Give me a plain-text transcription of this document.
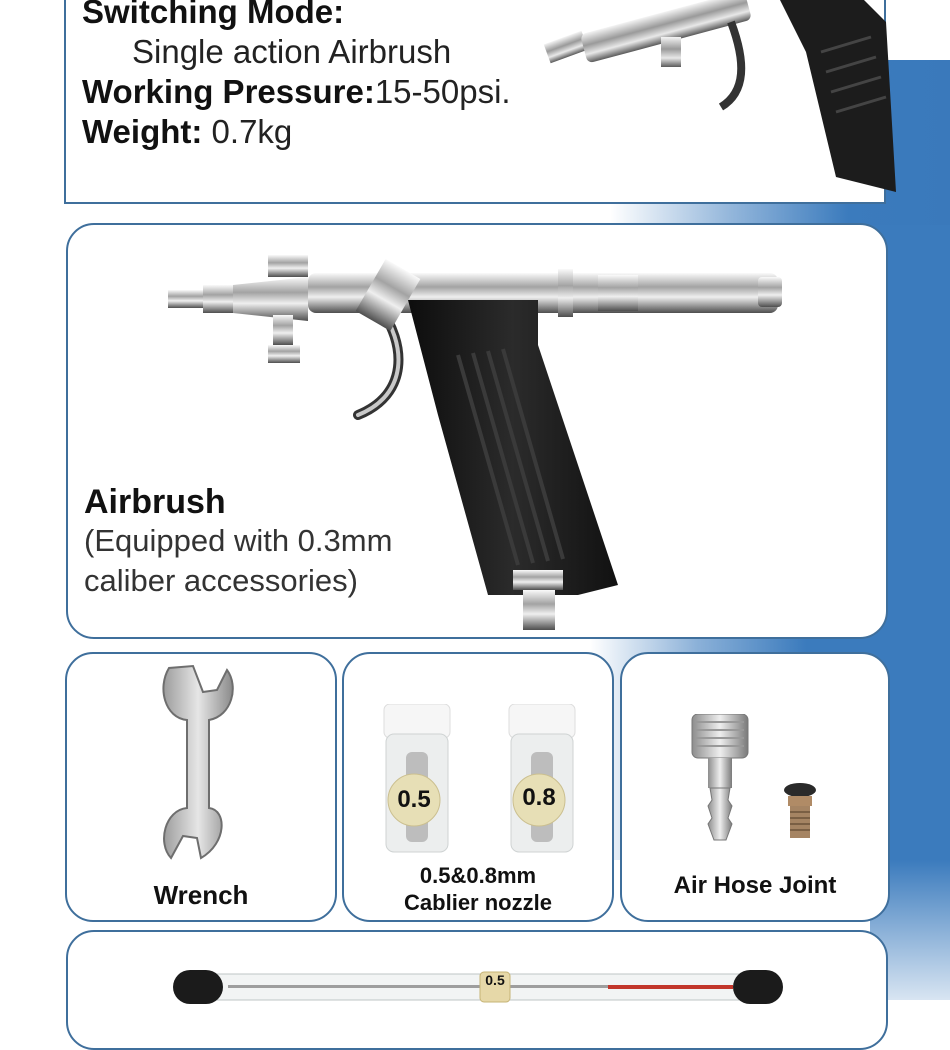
Switching Mode:
Single action Airbrush
Working Pressure:15-50psi.
Weight: 0.7kg
Airbrush
(Equipped with 0.3mm
caliber accessories)
Wrench
0.5	0.8
0.5&0.8mm
Cablier nozzle
Air Hose Joint
0.5
